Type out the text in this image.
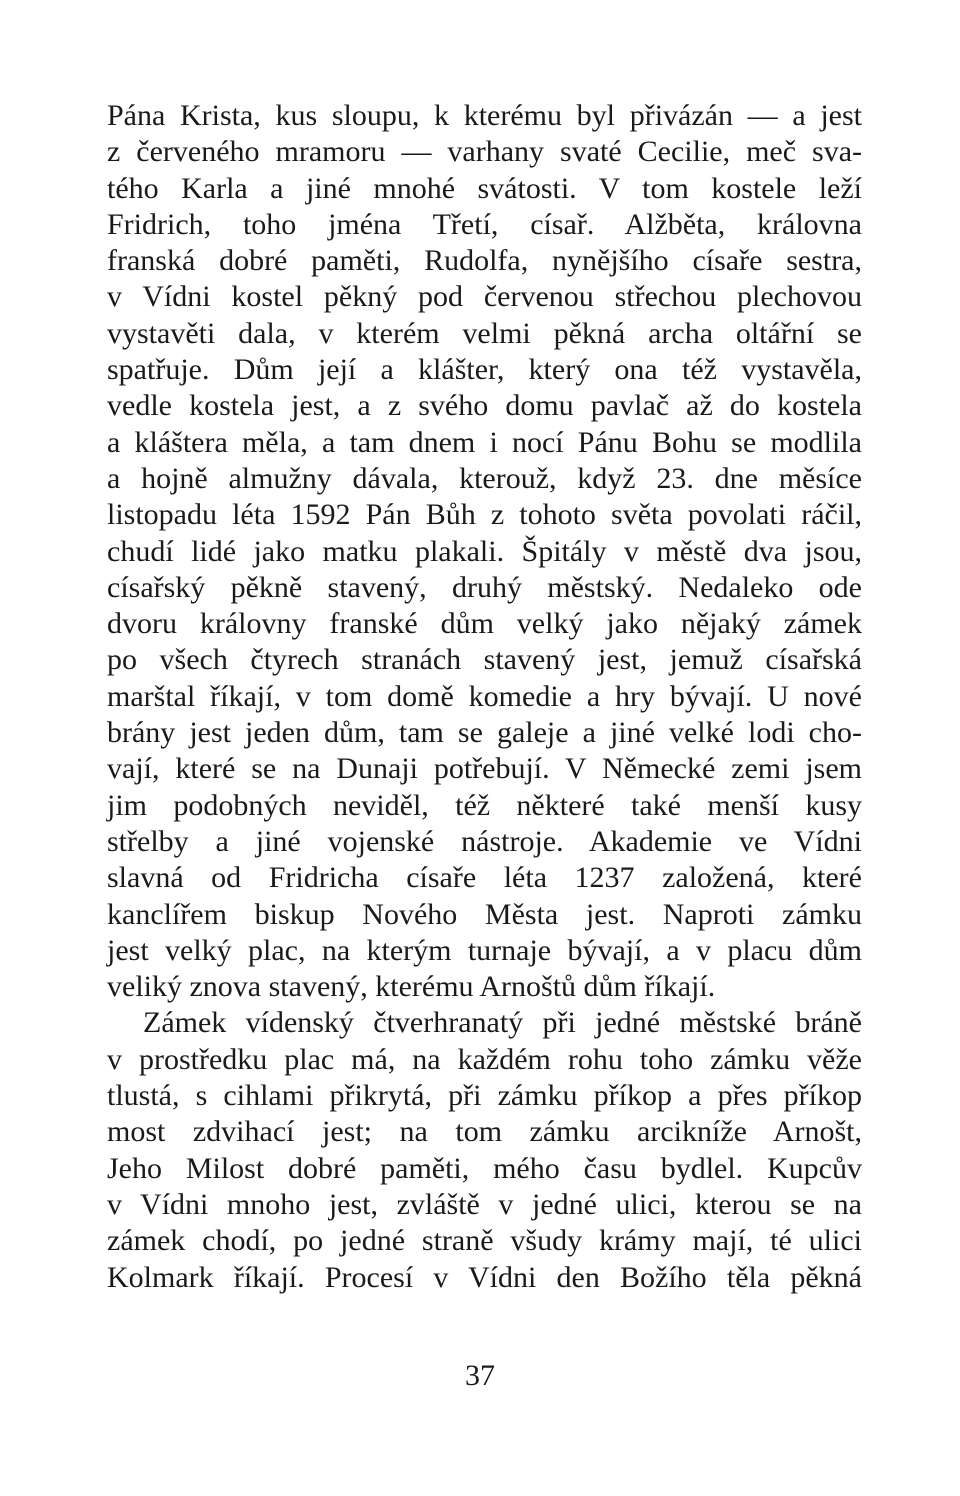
Pána Krista, kus sloupu, k kterému byl přivázán — a jest
z červeného mramoru — varhany svaté Cecilie, meč sva-
tého Karla a jiné mnohé svátosti. V tom kostele leží
Fridrich, toho jména Třetí, císař. Alžběta, královna
franská dobré paměti, Rudolfa, nynějšího císaře sestra,
v Vídni kostel pěkný pod červenou střechou plechovou
vystavěti dala, v kterém velmi pěkná archa oltářní se
spatřuje. Dům její a klášter, který ona též vystavěla,
vedle kostela jest, a z svého domu pavlač až do kostela
a kláštera měla, a tam dnem i nocí Pánu Bohu se modlila
a hojně almužny dávala, kterouž, když 23. dne měsíce
listopadu léta 1592 Pán Bůh z tohoto světa povolati ráčil,
chudí lidé jako matku plakali. Špitály v městě dva jsou,
císařský pěkně stavený, druhý městský. Nedaleko ode
dvoru královny franské dům velký jako nějaký zámek
po všech čtyrech stranách stavený jest, jemuž císařská
marštal říkají, v tom domě komedie a hry bývají. U nové
brány jest jeden dům, tam se galeje a jiné velké lodi cho-
vají, které se na Dunaji potřebují. V Německé zemi jsem
jim podobných neviděl, též některé také menší kusy
střelby a jiné vojenské nástroje. Akademie ve Vídni
slavná od Fridricha císaře léta 1237 založená, které
kanclířem biskup Nového Města jest. Naproti zámku
jest velký plac, na kterým turnaje bývají, a v placu dům
veliký znova stavený, kterému Arnoštů dům říkají.
Zámek vídenský čtverhranatý při jedné městské bráně
v prostředku plac má, na každém rohu toho zámku věže
tlustá, s cihlami přikrytá, při zámku příkop a přes příkop
most zdvihací jest; na tom zámku arcikníže Arnošt,
Jeho Milost dobré paměti, mého času bydlel. Kupcův
v Vídni mnoho jest, zvláště v jedné ulici, kterou se na
zámek chodí, po jedné straně všudy krámy mají, té ulici
Kolmark říkají. Procesí v Vídni den Božího těla pěkná
37
